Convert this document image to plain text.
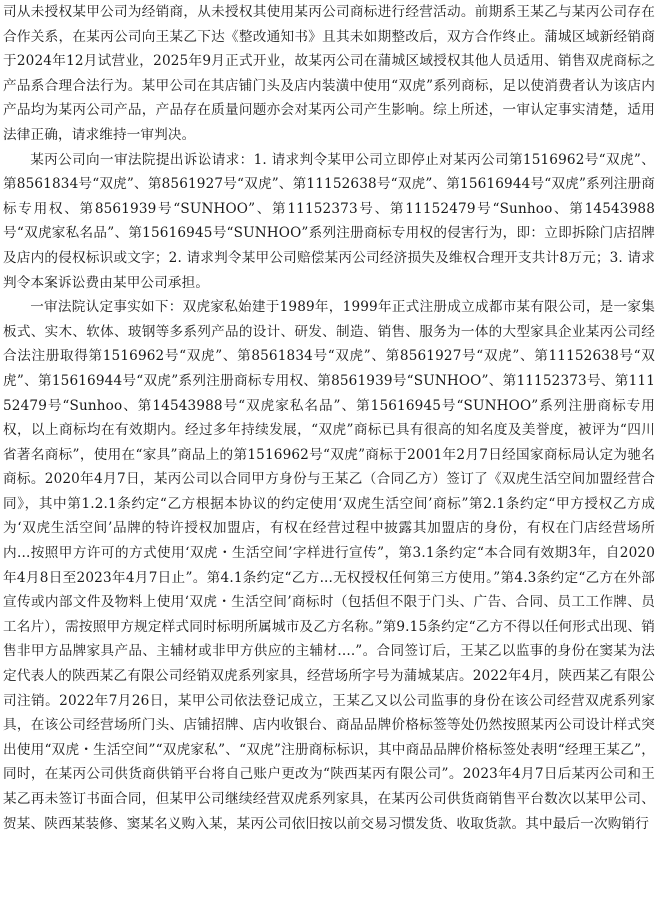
司从未授权某甲公司为经销商，从未授权其使用某丙公司商标进行经营活动。前期系王某乙与某丙公司存在合作关系，在某丙公司向王某乙下达《整改通知书》且其未如期整改后，双方合作终止。蒲城区域新经销商于2024年12月试营业，2025年9月正式开业，故某丙公司在蒲城区域授权其他人员适用、销售双虎商标之产品系合理合法行为。某甲公司在其店铺门头及店内装潢中使用“双虎”系列商标，足以使消费者认为该店内产品均为某丙公司产品，产品存在质量问题亦会对某丙公司产生影响。综上所述，一审认定事实清楚，适用法律正确，请求维持一审判决。

某丙公司向一审法院提出诉讼请求：1. 请求判令某甲公司立即停止对某丙公司第1516962号“双虎”、第8561834号“双虎”、第8561927号“双虎”、第11152638号“双虎”、第15616944号“双虎”系列注册商标专用权、第8561939号“SUNHOO”、第11152373号、第11152479号“Sunhoo、第14543988号“双虎家私名品”、第15616945号“SUNHOO”系列注册商标专用权的侵害行为，即：立即拆除门店招牌及店内的侵权标识或文字；2. 请求判令某甲公司赔偿某丙公司经济损失及维权合理开支共计8万元；3. 请求判令本案诉讼费由某甲公司承担。

一审法院认定事实如下：双虎家私始建于1989年，1999年正式注册成立成都市某有限公司，是一家集板式、实木、软体、玻钢等多系列产品的设计、研发、制造、销售、服务为一体的大型家具企业某丙公司经合法注册取得第1516962号“双虎”、第8561834号“双虎”、第8561927号“双虎”、第11152638号“双虎”、第15616944号“双虎”系列注册商标专用权、第8561939号“SUNHOO”、第11152373号、第11152479号“Sunhoo、第14543988号“双虎家私名品”、第15616945号“SUNHOO”系列注册商标专用权，以上商标均在有效期内。经过多年持续发展，“双虎”商标已具有很高的知名度及美誉度，被评为“四川省著名商标”，使用在“家具”商品上的第1516962号“双虎”商标于2001年2月7日经国家商标局认定为驰名商标。2020年4月7日，某丙公司以合同甲方身份与王某乙（合同乙方）签订了《双虎生活空间加盟经营合同》，其中第1.2.1条约定“乙方根据本协议的约定使用‘双虎生活空间’商标”第2.1条约定“甲方授权乙方成为‘双虎生活空间’品牌的特许授权加盟店，有权在经营过程中披露其加盟店的身份，有权在门店经营场所内...按照甲方许可的方式使用‘双虎・生活空间’字样进行宣传”，第3.1条约定“本合同有效期3年，自2020年4月8日至2023年4月7日止”。第4.1条约定“乙方...无权授权任何第三方使用。”第4.3条约定“乙方在外部宣传或内部文件及物料上使用‘双虎・生活空间’商标时（包括但不限于门头、广告、合同、员工工作牌、员工名片），需按照甲方规定样式同时标明所属城市及乙方名称。”第9.15条约定“乙方不得以任何形式出现、销售非甲方品牌家具产品、主辅材或非甲方供应的主辅材....”。合同签订后，王某乙以监事的身份在窦某为法定代表人的陕西某乙有限公司经销双虎系列家具，经营场所字号为蒲城某店。2022年4月，陕西某乙有限公司注销。2022年7月26日，某甲公司依法登记成立，王某乙又以公司监事的身份在该公司经营双虎系列家具，在该公司经营场所门头、店铺招牌、店内收银台、商品品牌价格标签等处仍然按照某丙公司设计样式突出使用“双虎・生活空间”“双虎家私”、“双虎”注册商标标识，其中商品品牌价格标签处表明“经理王某乙”，同时，在某丙公司供货商供销平台将自己账户更改为“陕西某丙有限公司”。2023年4月7日后某丙公司和王某乙再未签订书面合同，但某甲公司继续经营双虎系列家具，在某丙公司供货商销售平台数次以某甲公司、贺某、陕西某装修、窦某名义购入某，某丙公司依旧按以前交易习惯发货、收取货款。其中最后一次购销行
